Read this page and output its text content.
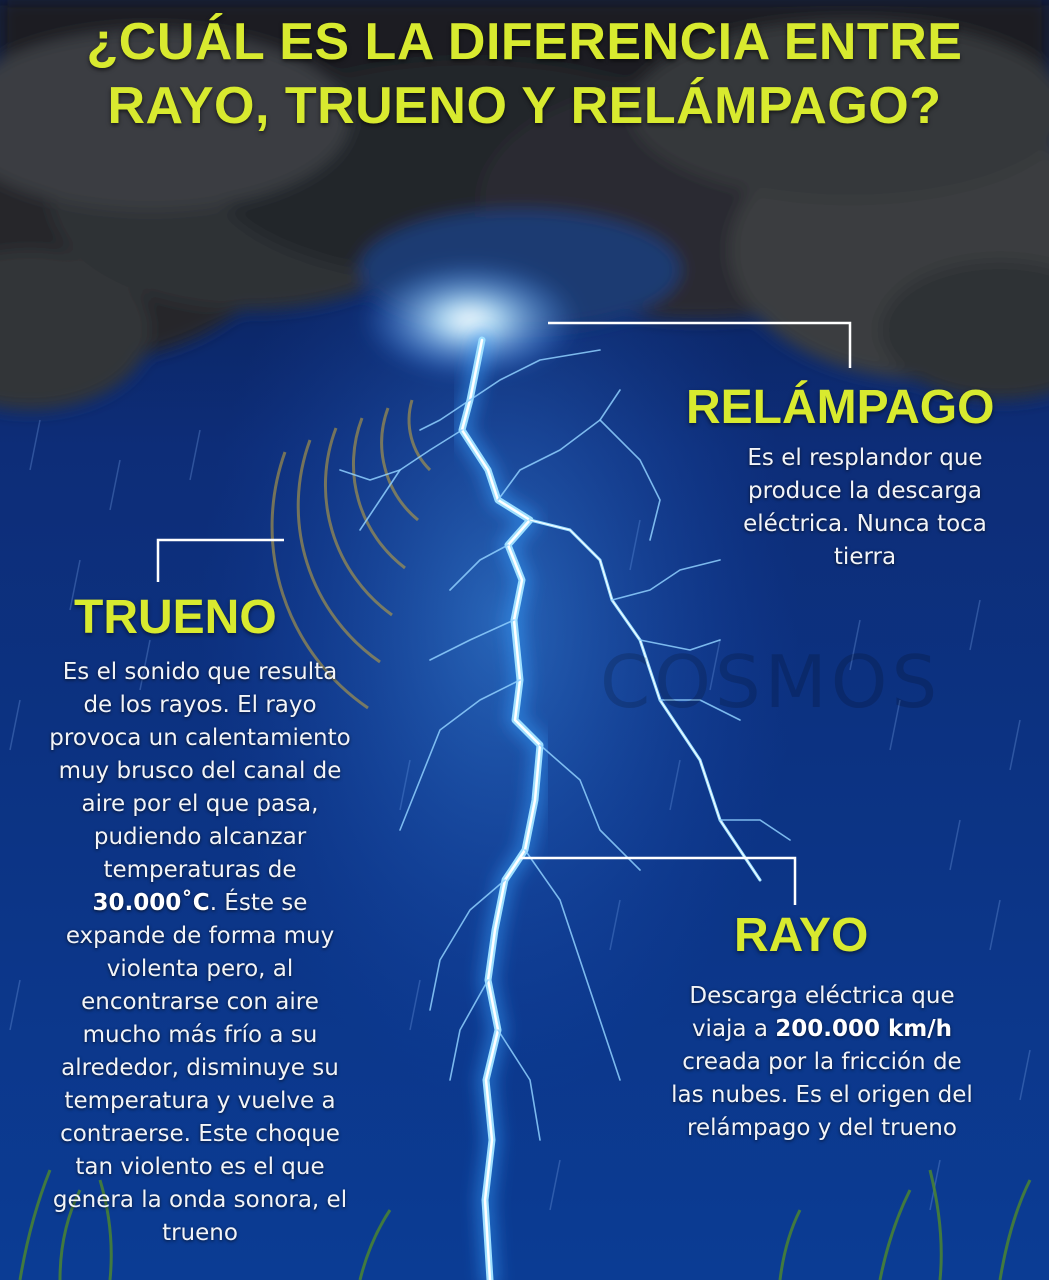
¿CUÁL ES LA DIFERENCIA ENTRE
RAYO, TRUENO Y RELÁMPAGO?
COSMOS
RELÁMPAGO
Es el resplandor que
produce la descarga
eléctrica. Nunca toca
tierra
TRUENO
Es el sonido que resulta
de los rayos. El rayo
provoca un calentamiento
muy brusco del canal de
aire por el que pasa,
pudiendo alcanzar
temperaturas de
30.000˚C. Éste se
expande de forma muy
violenta pero, al
encontrarse con aire
mucho más frío a su
alrededor, disminuye su
temperatura y vuelve a
contraerse. Este choque
tan violento es el que
genera la onda sonora, el
trueno
RAYO
Descarga eléctrica que
viaja a 200.000 km/h
creada por la fricción de
las nubes. Es el origen del
relámpago y del trueno
